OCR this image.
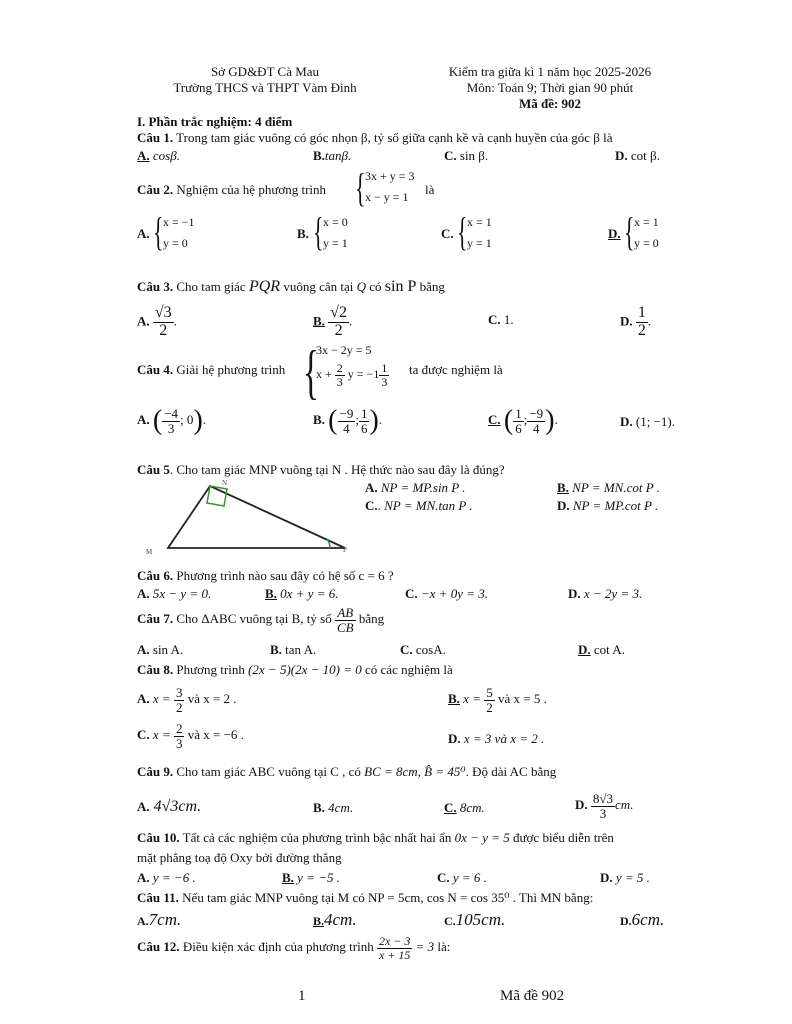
Sở GD&ĐT Cà Mau
Trường THCS và THPT Vàm Đình
Kiểm tra giữa kì 1 năm học 2025-2026
Môn: Toán 9; Thời gian 90 phút
Mã đề: 902
I. Phần trắc nghiệm: 4 điểm
Câu 1. Trong tam giác vuông có góc nhọn β, tỷ số giữa cạnh kề và cạnh huyền của góc β là
A. cosβ.	B.tanβ.	C. sin β.	D. cot β.
Câu 2. Nghiệm của hệ phương trình { 3x + y = 3
x − y = 1 là
A. { x = −1
y = 0
B. { x = 0
y = 1
C. { x = 1
y = 1
D. { x = 1
y = 0
Câu 3. Cho tam giác PQR vuông cân tại Q có sin P bằng
A. $\frac{√3}{2}$ .	B. $\frac{√2}{2}$ .	C. 1.	D. $\frac{1}{2}$ .
Câu 4. Giải hệ phương trình {
3x − 2y = 5
$x + \frac{2}{3}$ $y = -1 \frac{1}{3}$ ta được nghiệm là
A. ( $\frac{-4}{3}$ ; 0).	B. ( $\frac{-9}{4}$ ; $\frac{1}{6}$ ).	C. ( $\frac{1}{6}$ ; $\frac{-9}{4}$ ).	D. (1; −1).
Câu 5. Cho tam giác MNP vuông tại N . Hệ thức nào sau đây là đúng?
N
M	P
A. NP = MP.sin P .	B. NP = MN.cot P .
C.. NP = MN.tan P .	D. NP = MP.cot P .
Câu 6. Phương trình nào sau đây có hệ số c = 6 ?
A. 5x − y = 0.	B. 0x + y = 6.	C. −x + 0y = 3.	D. x − 2y = 3.
Câu 7. Cho ΔABC vuông tại B, tỷ số $\frac{AB}{CB}$ bằng
A. sin A.	B. tan A.	C. cosA.	D. cot A.
Câu 8. Phương trình (2x − 5)(2x − 10) = 0 có các nghiệm là
A. $x = \frac{3}{2}$ và x = 2 .	B. $x = \frac{5}{2}$ và x = 5 .
C. $x = \frac{2}{3}$ và x = −6 .	D. x = 3 và x = 2 .
Câu 9. Cho tam giác ABC vuông tại C , có BC = 8cm, B̂ = 45⁰. Độ dài AC bằng
A. 4√3cm.	B. 4cm.	C. 8cm.	D. $\frac{8√3}{3}$ cm.
Câu 10. Tất cả các nghiệm của phương trình bậc nhất hai ẩn 0x − y = 5 được biểu diễn trên
mặt phẳng toạ độ Oxy bởi đường thẳng
A. y = −6 .	B. y = −5 .	C. y = 6 .	D. y = 5 .
Câu 11. Nếu tam giác MNP vuông tại M có NP = 5cm, cos N = cos 35⁰ . Thì MN bằng:
A.7cm.	B.4cm.	C.105cm.	D.6cm.
Câu 12. Điều kiện xác định của phương trình $\frac{2x - 3}{x + 15} = 3$ là:
1	Mã đề 902
